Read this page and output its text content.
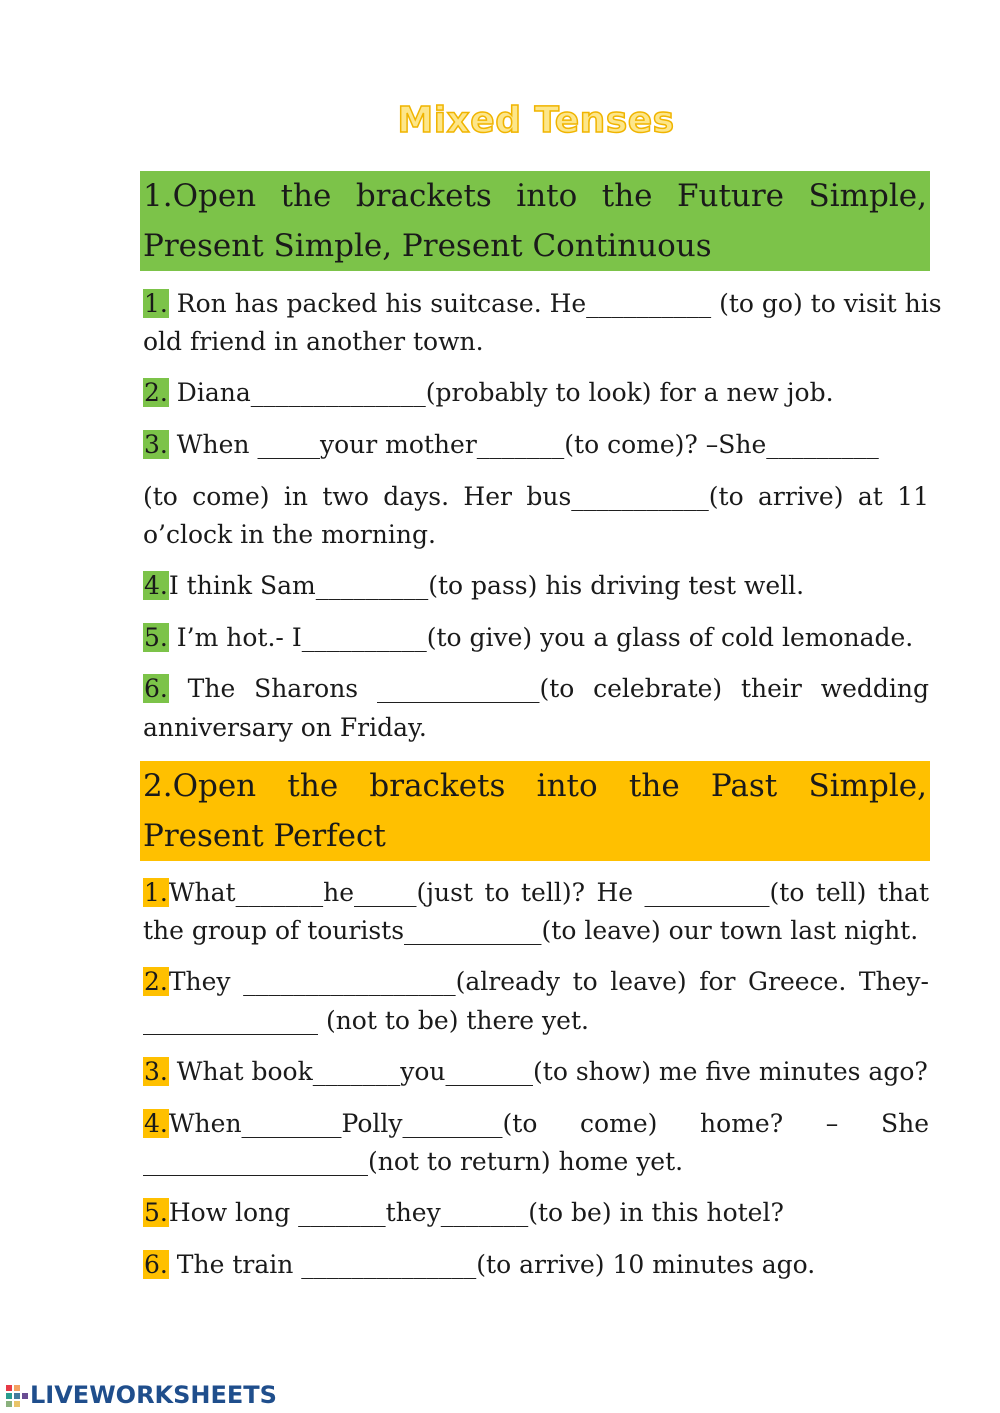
Mixed Tenses
1.Open the brackets into the Future Simple, Present Simple, Present Continuous
1. Ron has packed his suitcase. He__________ (to go) to visit his
old friend in another town.
2. Diana______________(probably to look) for a new job.
3. When _____your mother_______(to come)? –She_________
(to come) in two days. Her bus___________(to arrive) at 11
o’clock in the morning.
4.I think Sam_________(to pass) his driving test well.
5. I’m hot.- I__________(to give) you a glass of cold lemonade.
6. The Sharons _____________(to celebrate) their wedding
anniversary on Friday.
2.Open the brackets into the Past Simple, Present Perfect
1.What_______he_____(just to tell)? He __________(to tell) that
the group of tourists___________(to leave) our town last night.
2.They _________________(already to leave) for Greece. They-
______________ (not to be) there yet.
3. What book_______you_______(to show) me five minutes ago?
4.When________Polly________(to come) home? – She
__________________(not to return) home yet.
5.How long _______they_______(to be) in this hotel?
6. The train ______________(to arrive) 10 minutes ago.
LIVEWORKSHEETS
